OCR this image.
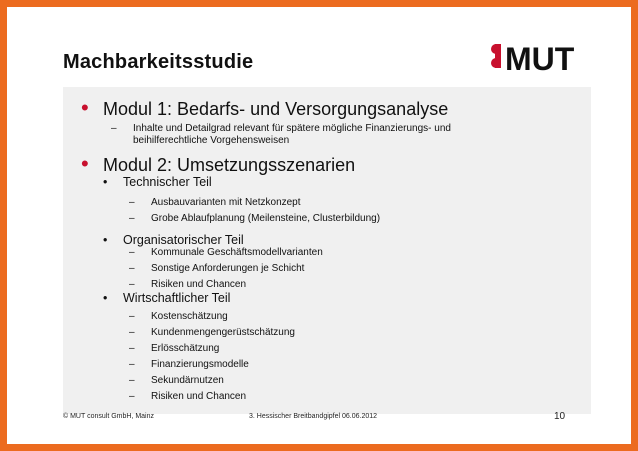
Machbarkeitsstudie	MUT
• Modul 1: Bedarfs- und Versorgungsanalyse
–	Inhalte und Detailgrad relevant für spätere mögliche Finanzierungs- und
beihilferechtliche Vorgehensweisen
• Modul 2: Umsetzungsszenarien
•	Technischer Teil
–	Ausbauvarianten mit Netzkonzept
–	Grobe Ablaufplanung (Meilensteine, Clusterbildung)
•	Organisatorischer Teil
–	Kommunale Geschäftsmodellvarianten
–	Sonstige Anforderungen je Schicht
–	Risiken und Chancen
•	Wirtschaftlicher Teil
–	Kostenschätzung
–	Kundenmengengerüstschätzung
–	Erlösschätzung
–	Finanzierungsmodelle
–	Sekundärnutzen
–	Risiken und Chancen
© MUT consult GmbH, Mainz	3. Hessischer Breitbandgipfel 06.06.2012	10
